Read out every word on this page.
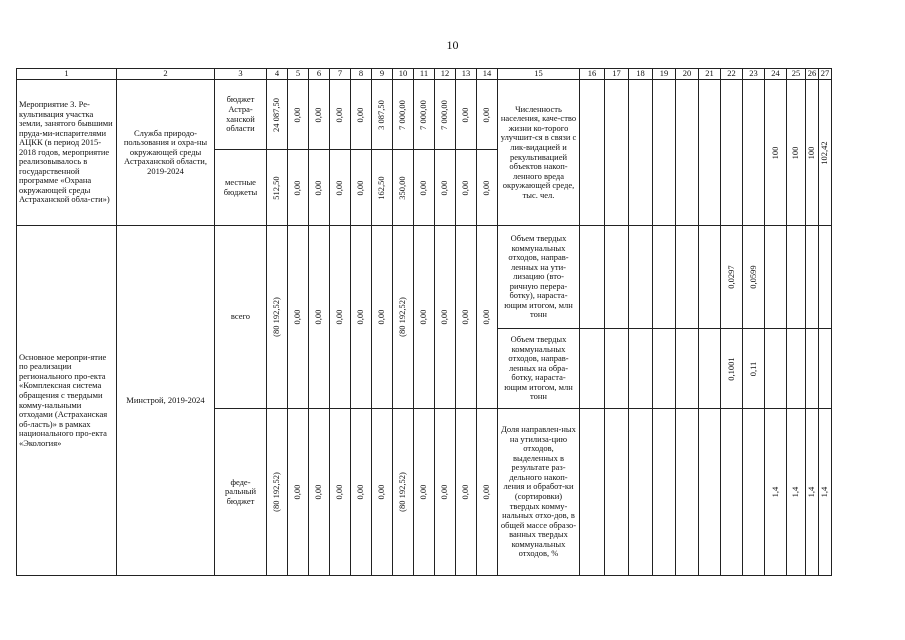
10
1	2	3	4	5	6	7	8	9	10	11	12	13	14	15	16	17	18	19	20	21	22	23	24	25	26	27
Мероприятие 3. Ре-культивация участка земли, занятого бывшими пруда-ми-испарителями АЦКК (в период 2015-2018 годов, мероприятие реализовывалось в государственной программе «Охрана окружающей среды Астраханской обла-сти»)	Служба природо-пользования и охра-ны окружающей среды Астраханской области, 2019-2024	бюджет Астра-ханской области	24 087,50	0,00	0,00	0,00	0,00	3 087,50	7 000,00	7 000,00	7 000,00	0,00	0,00	Численность населения, каче-ство жизни ко-торого улучшит-ся в связи с лик-видацией и рекультивацией объектов накоп-ленного вреда окружающей среде, тыс. чел.									100	100	100	102,42

		местные бюджеты	512,50	0,00	0,00	0,00	0,00	162,50	350,00	0,00	0,00	0,00	0,00													

Основное меропри-ятие по реализации регионального про-екта «Комплексная система обращения с твердыми комму-нальными отходами (Астраханская об-ласть)» в рамках национального про-екта «Экология»	Минстрой, 2019-2024	всего	(80 192,52)	0,00	0,00	0,00	0,00	0,00	(80 192,52)	0,00	0,00	0,00	0,00	Объем твердых коммунальных отходов, направ-ленных на ути-лизацию (вто-ричную перера-ботку), нараста-ющим итогом, млн тонн							0,0297	0,0599				

														Объем твердых коммунальных отходов, направ-ленных на обра-ботку, нараста-ющим итогом, млн тонн							0,1001	0,11				

		феде-ральный бюджет	(80 192,52)	0,00	0,00	0,00	0,00	0,00	(80 192,52)	0,00	0,00	0,00	0,00	Доля направлен-ных на утилиза-цию отходов, выделенных в результате раз-дельного накоп-ления и обработ-ки (сортировки) твердых комму-нальных отхо-дов, в общей массе образо-ванных твердых коммунальных отходов, %									1,4	1,4	1,4	1,4
